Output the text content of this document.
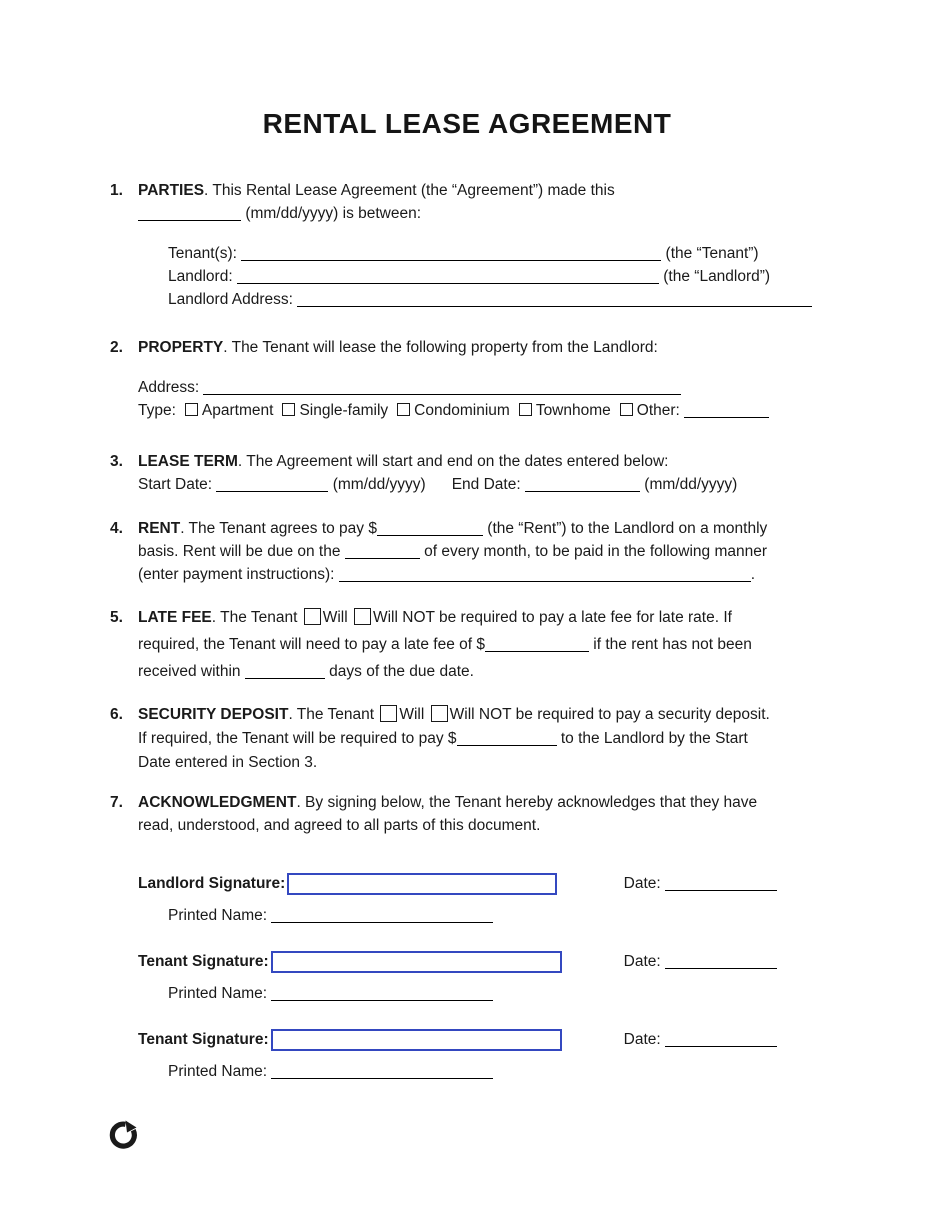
RENTAL LEASE AGREEMENT
1. PARTIES. This Rental Lease Agreement (the “Agreement”) made this
(mm/dd/yyyy) is between:
Tenant(s):	(the “Tenant”)
Landlord:	(the “Landlord”)
Landlord Address:
2. PROPERTY. The Tenant will lease the following property from the Landlord:
Address:
Type: Apartment Single-family Condominium Townhome Other:
3. LEASE TERM. The Agreement will start and end on the dates entered below:
Start Date:	(mm/dd/yyyy) End Date:	(mm/dd/yyyy)
4. RENT. The Tenant agrees to pay $	(the “Rent”) to the Landlord on a monthly
basis. Rent will be due on the	of every month, to be paid in the following manner
(enter payment instructions):	.
5. LATE FEE. The Tenant Will Will NOT be required to pay a late fee for late rate. If
required, the Tenant will need to pay a late fee of $	if the rent has not been
received within	days of the due date.
6. SECURITY DEPOSIT. The Tenant Will Will NOT be required to pay a security deposit.
If required, the Tenant will be required to pay $	to the Landlord by the Start
Date entered in Section 3.
7. ACKNOWLEDGMENT. By signing below, the Tenant hereby acknowledges that they have
read, understood, and agreed to all parts of this document.
Landlord Signature:	Date:
Printed Name:
Tenant Signature:	Date:
Printed Name:
Tenant Signature:	Date:
Printed Name:
